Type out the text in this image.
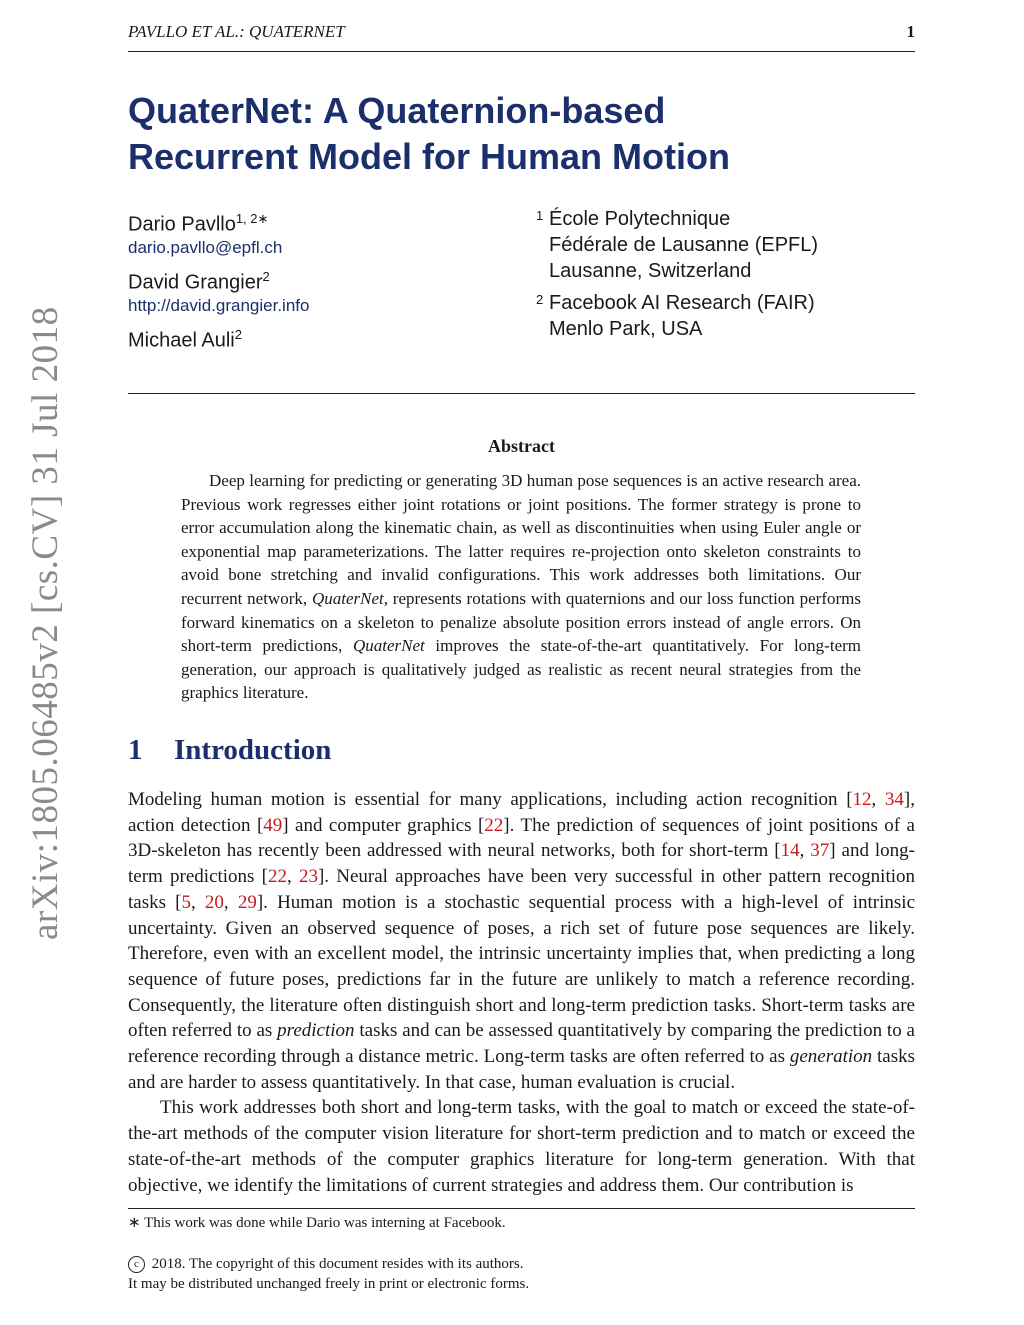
PAVLLO ET AL.: QUATERNET	1
QuaterNet: A Quaternion-based
Recurrent Model for Human Motion
Dario Pavllo$^{1, 2∗}$
dario.pavllo@epfl.ch
David Grangier$^2$
http://david.grangier.info
Michael Auli$^2$
1 École Polytechnique
Fédérale de Lausanne (EPFL)
Lausanne, Switzerland
2 Facebook AI Research (FAIR)
Menlo Park, USA
arXiv:1805.06485v2 [cs.CV] 31 Jul 2018	Abstract

Deep learning for predicting or generating 3D human pose sequences is an active research area. Previous work regresses either joint rotations or joint positions. The former strategy is prone to error accumulation along the kinematic chain, as well as discontinuities when using Euler angle or exponential map parameterizations. The latter requires re-projection onto skeleton constraints to avoid bone stretching and invalid configurations. This work addresses both limitations. Our recurrent network, QuaterNet, represents rotations with quaternions and our loss function performs forward kinematics on a skeleton to penalize absolute position errors instead of angle errors. On short-term predictions, QuaterNet improves the state-of-the-art quantitatively. For long-term generation, our approach is qualitatively judged as realistic as recent neural strategies from the graphics literature.

1 Introduction

Modeling human motion is essential for many applications, including action recognition [12, 34], action detection [49] and computer graphics [22]. The prediction of sequences of joint positions of a 3D-skeleton has recently been addressed with neural networks, both for short-term [14, 37] and long-term predictions [22, 23]. Neural approaches have been very successful in other pattern recognition tasks [5, 20, 29]. Human motion is a stochastic sequential process with a high-level of intrinsic uncertainty. Given an observed sequence of poses, a rich set of future pose sequences are likely. Therefore, even with an excellent model, the intrinsic uncertainty implies that, when predicting a long sequence of future poses, predictions far in the future are unlikely to match a reference recording. Consequently, the literature often distinguish short and long-term prediction tasks. Short-term tasks are often referred to as prediction tasks and can be assessed quantitatively by comparing the prediction to a reference recording through a distance metric. Long-term tasks are often referred to as generation tasks and are harder to assess quantitatively. In that case, human evaluation is crucial.

This work addresses both short and long-term tasks, with the goal to match or exceed the state-of-the-art methods of the computer vision literature for short-term prediction and to match or exceed the state-of-the-art methods of the computer graphics literature for long-term generation. With that objective, we identify the limitations of current strategies and address them. Our contribution is

∗ This work was done while Dario was interning at Facebook.
c 2018. The copyright of this document resides with its authors.
It may be distributed unchanged freely in print or electronic forms.
